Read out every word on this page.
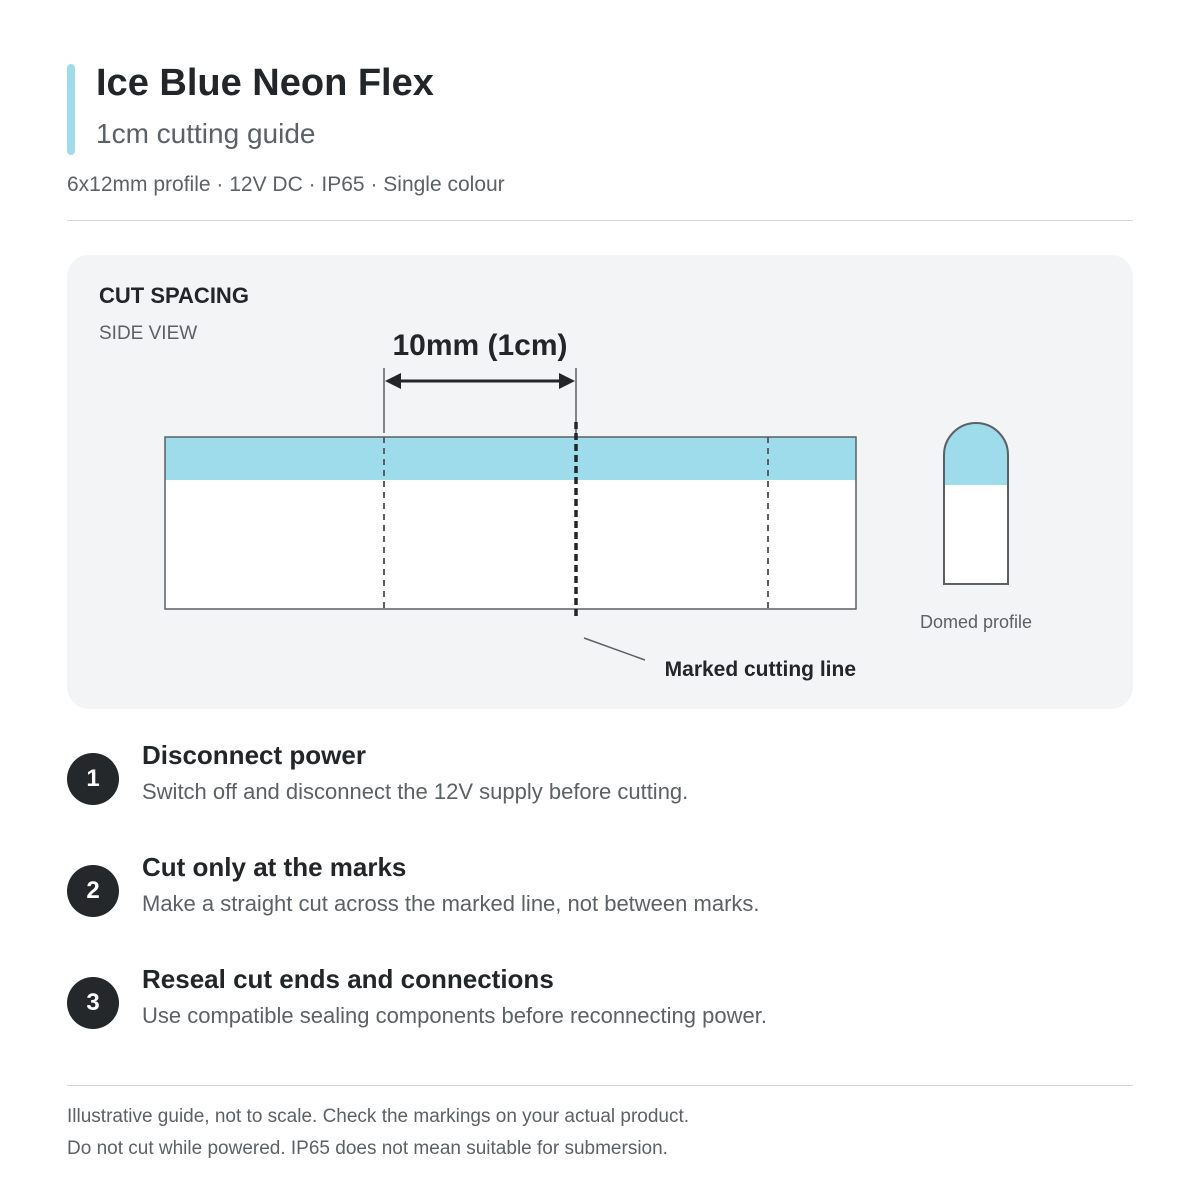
Ice Blue Neon Flex
1cm cutting guide
6x12mm profile · 12V DC · IP65 · Single colour
CUT SPACING
SIDE VIEW	10mm (1cm)
Marked cutting line
Domed profile
1
Disconnect power
Switch off and disconnect the 12V supply before cutting.
2
Cut only at the marks
Make a straight cut across the marked line, not between marks.
3
Reseal cut ends and connections
Use compatible sealing components before reconnecting power.
Illustrative guide, not to scale. Check the markings on your actual product.
Do not cut while powered. IP65 does not mean suitable for submersion.
